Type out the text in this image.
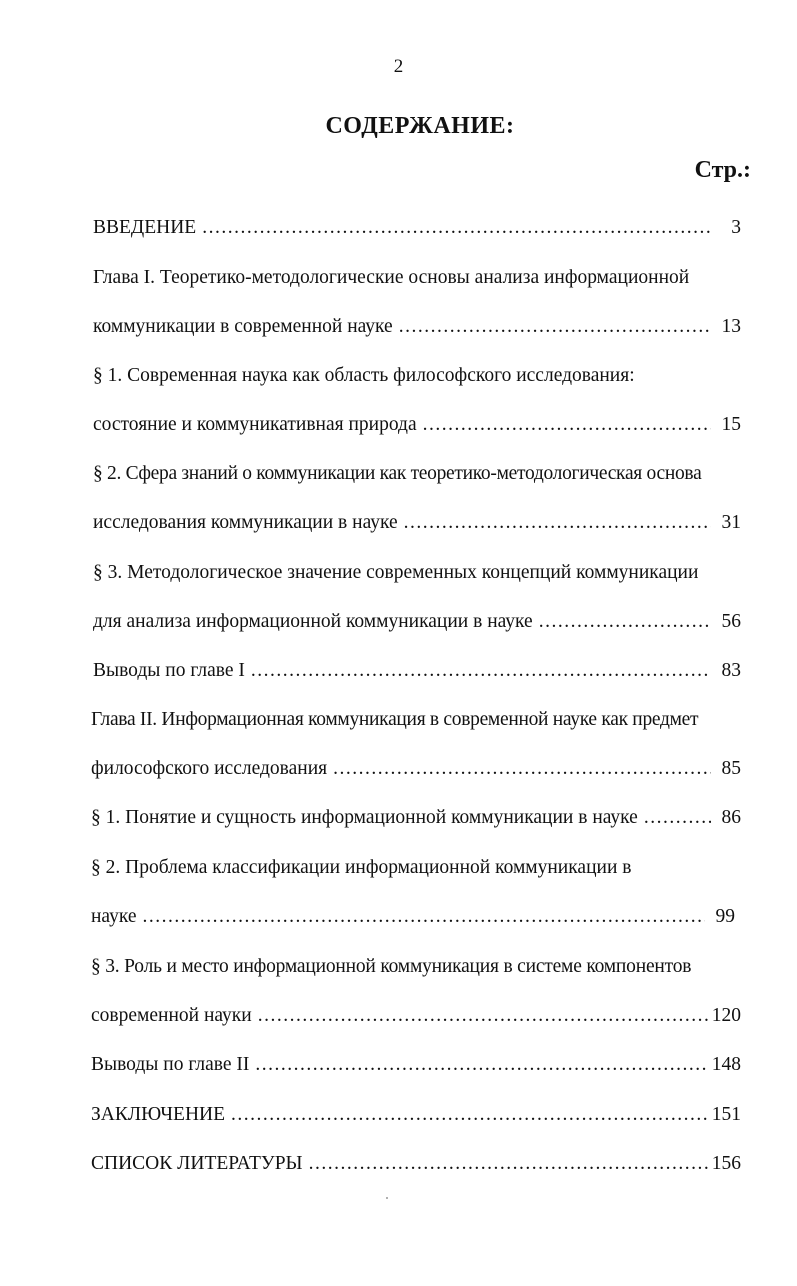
2
СОДЕРЖАНИЕ:
Стр.:
ВВЕДЕНИЕ .....	3
Глава I. Теоретико-методологические основы анализа информационной
коммуникации в современной науке .....	13
§ 1. Современная наука как область философского исследования:
состояние и коммуникативная природа .....	15
§ 2. Сфера знаний о коммуникации как теоретико-методологическая основа
исследования коммуникации в науке .....	31
§ 3. Методологическое значение современных концепций коммуникации
для анализа информационной коммуникации в науке .....	56
Выводы по главе I .....	83
Глава II. Информационная коммуникация в современной науке как предмет
философского исследования .....	85
§ 1. Понятие и сущность информационной коммуникации в науке .....	86
§ 2. Проблема классификации информационной коммуникации в
науке .....	99
§ 3. Роль и место информационной коммуникация в системе компонентов
современной науки .....	120
Выводы по главе II .....	148
ЗАКЛЮЧЕНИЕ .....	151
СПИСОК ЛИТЕРАТУРЫ .....	156
